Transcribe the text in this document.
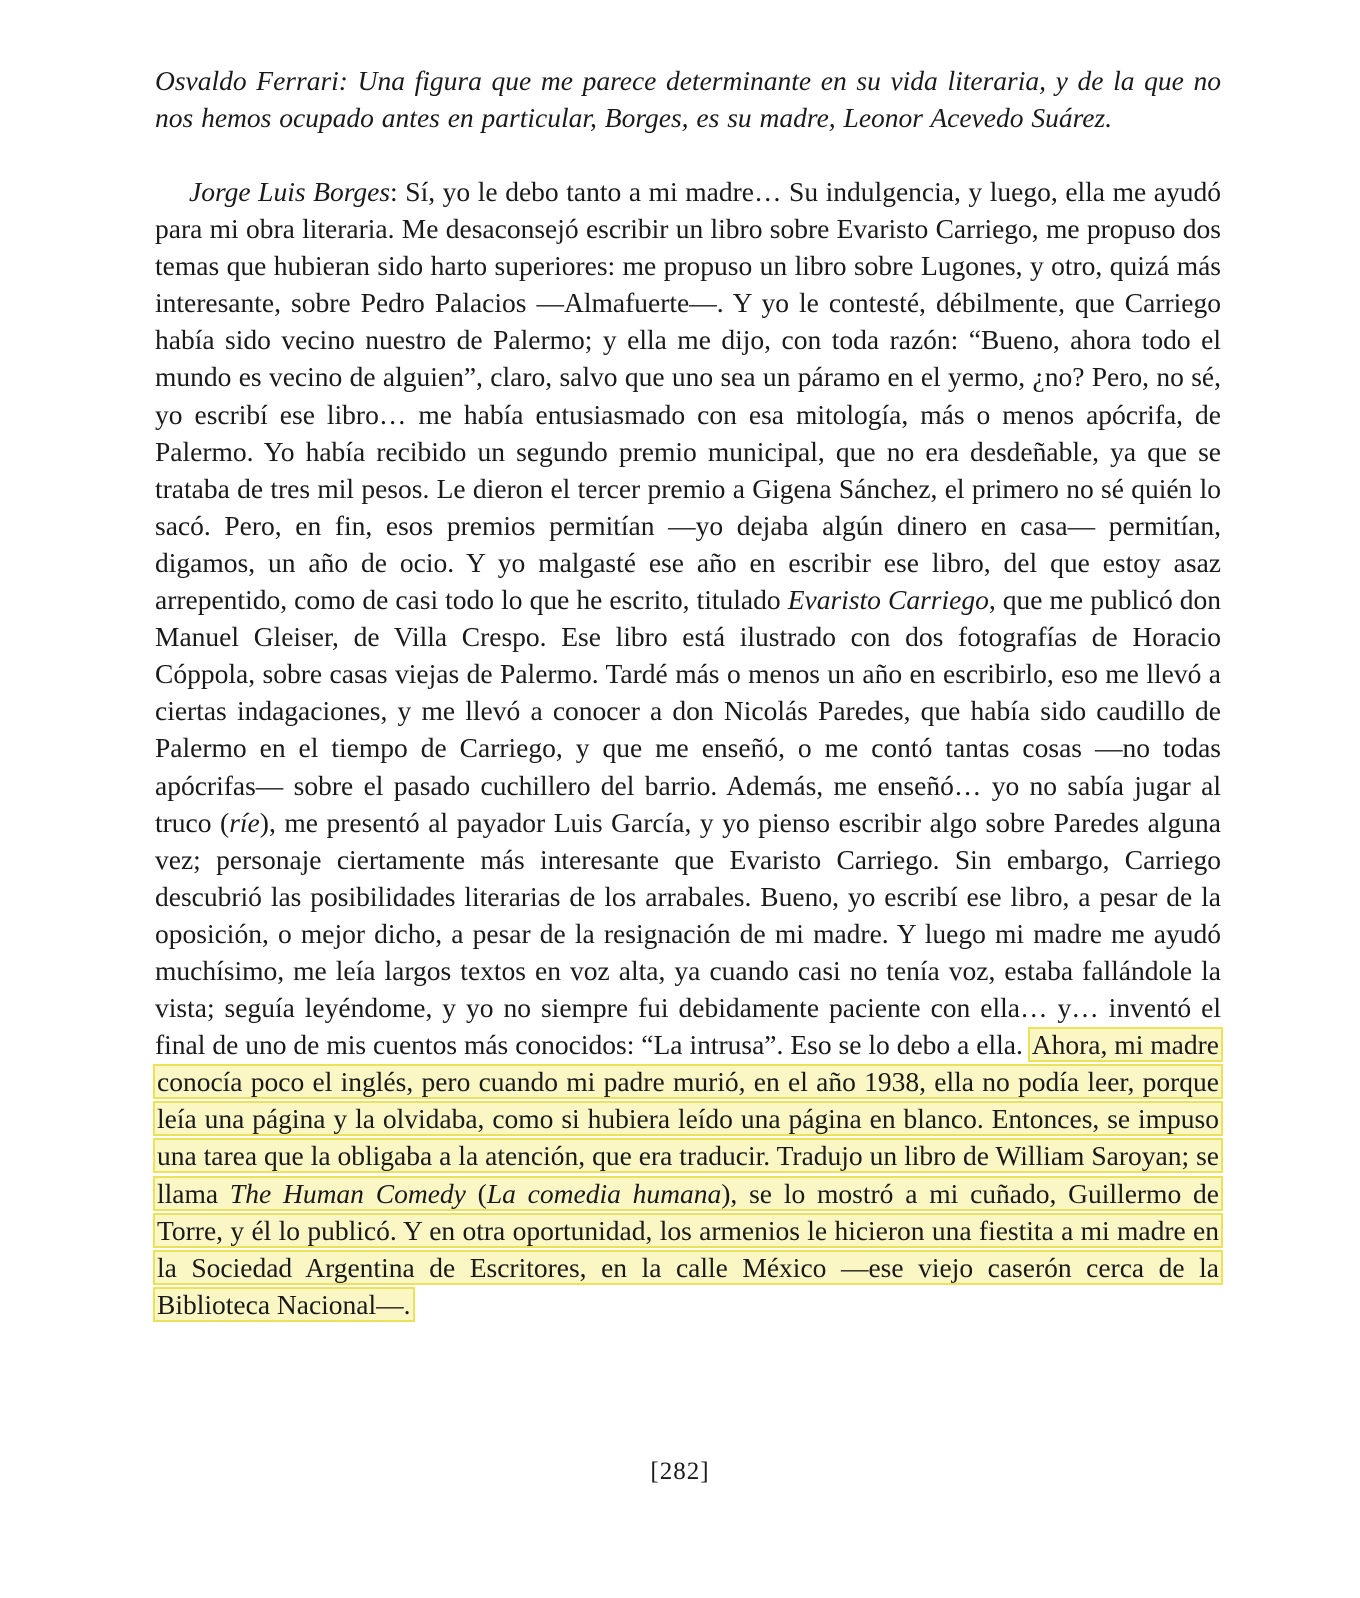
Osvaldo Ferrari: Una figura que me parece determinante en su vida literaria, y de la que no nos hemos ocupado antes en particular, Borges, es su madre, Leonor Acevedo Suárez.

Jorge Luis Borges: Sí, yo le debo tanto a mi madre… Su indulgencia, y luego, ella me ayudó para mi obra literaria. Me desaconsejó escribir un libro sobre Evaristo Carriego, me propuso dos temas que hubieran sido harto superiores: me propuso un libro sobre Lugones, y otro, quizá más interesante, sobre Pedro Palacios —Almafuerte—. Y yo le contesté, débilmente, que Carriego había sido vecino nuestro de Palermo; y ella me dijo, con toda razón: “Bueno, ahora todo el mundo es vecino de alguien”, claro, salvo que uno sea un páramo en el yermo, ¿no? Pero, no sé, yo escribí ese libro… me había entusiasmado con esa mitología, más o menos apócrifa, de Palermo. Yo había recibido un segundo premio municipal, que no era desdeñable, ya que se trataba de tres mil pesos. Le dieron el tercer premio a Gigena Sánchez, el primero no sé quién lo sacó. Pero, en fin, esos premios permitían —yo dejaba algún dinero en casa— permitían, digamos, un año de ocio. Y yo malgasté ese año en escribir ese libro, del que estoy asaz arrepentido, como de casi todo lo que he escrito, titulado Evaristo Carriego, que me publicó don Manuel Gleiser, de Villa Crespo. Ese libro está ilustrado con dos fotografías de Horacio Cóppola, sobre casas viejas de Palermo. Tardé más o menos un año en escribirlo, eso me llevó a ciertas indagaciones, y me llevó a conocer a don Nicolás Paredes, que había sido caudillo de Palermo en el tiempo de Carriego, y que me enseñó, o me contó tantas cosas —no todas apócrifas— sobre el pasado cuchillero del barrio. Además, me enseñó… yo no sabía jugar al truco (ríe), me presentó al payador Luis García, y yo pienso escribir algo sobre Paredes alguna vez; personaje ciertamente más interesante que Evaristo Carriego. Sin embargo, Carriego descubrió las posibilidades literarias de los arrabales. Bueno, yo escribí ese libro, a pesar de la oposición, o mejor dicho, a pesar de la resignación de mi madre. Y luego mi madre me ayudó muchísimo, me leía largos textos en voz alta, ya cuando casi no tenía voz, estaba fallándole la vista; seguía leyéndome, y yo no siempre fui debidamente paciente con ella… y… inventó el final de uno de mis cuentos más conocidos: “La intrusa”. Eso se lo debo a ella. Ahora, mi madre conocía poco el inglés, pero cuando mi padre murió, en el año 1938, ella no podía leer, porque leía una página y la olvidaba, como si hubiera leído una página en blanco. Entonces, se impuso una tarea que la obligaba a la atención, que era traducir. Tradujo un libro de William Saroyan; se llama The Human Comedy (La comedia humana), se lo mostró a mi cuñado, Guillermo de Torre, y él lo publicó. Y en otra oportunidad, los armenios le hicieron una fiestita a mi madre en la Sociedad Argentina de Escritores, en la calle México —ese viejo caserón cerca de la Biblioteca Nacional—.

[282]
